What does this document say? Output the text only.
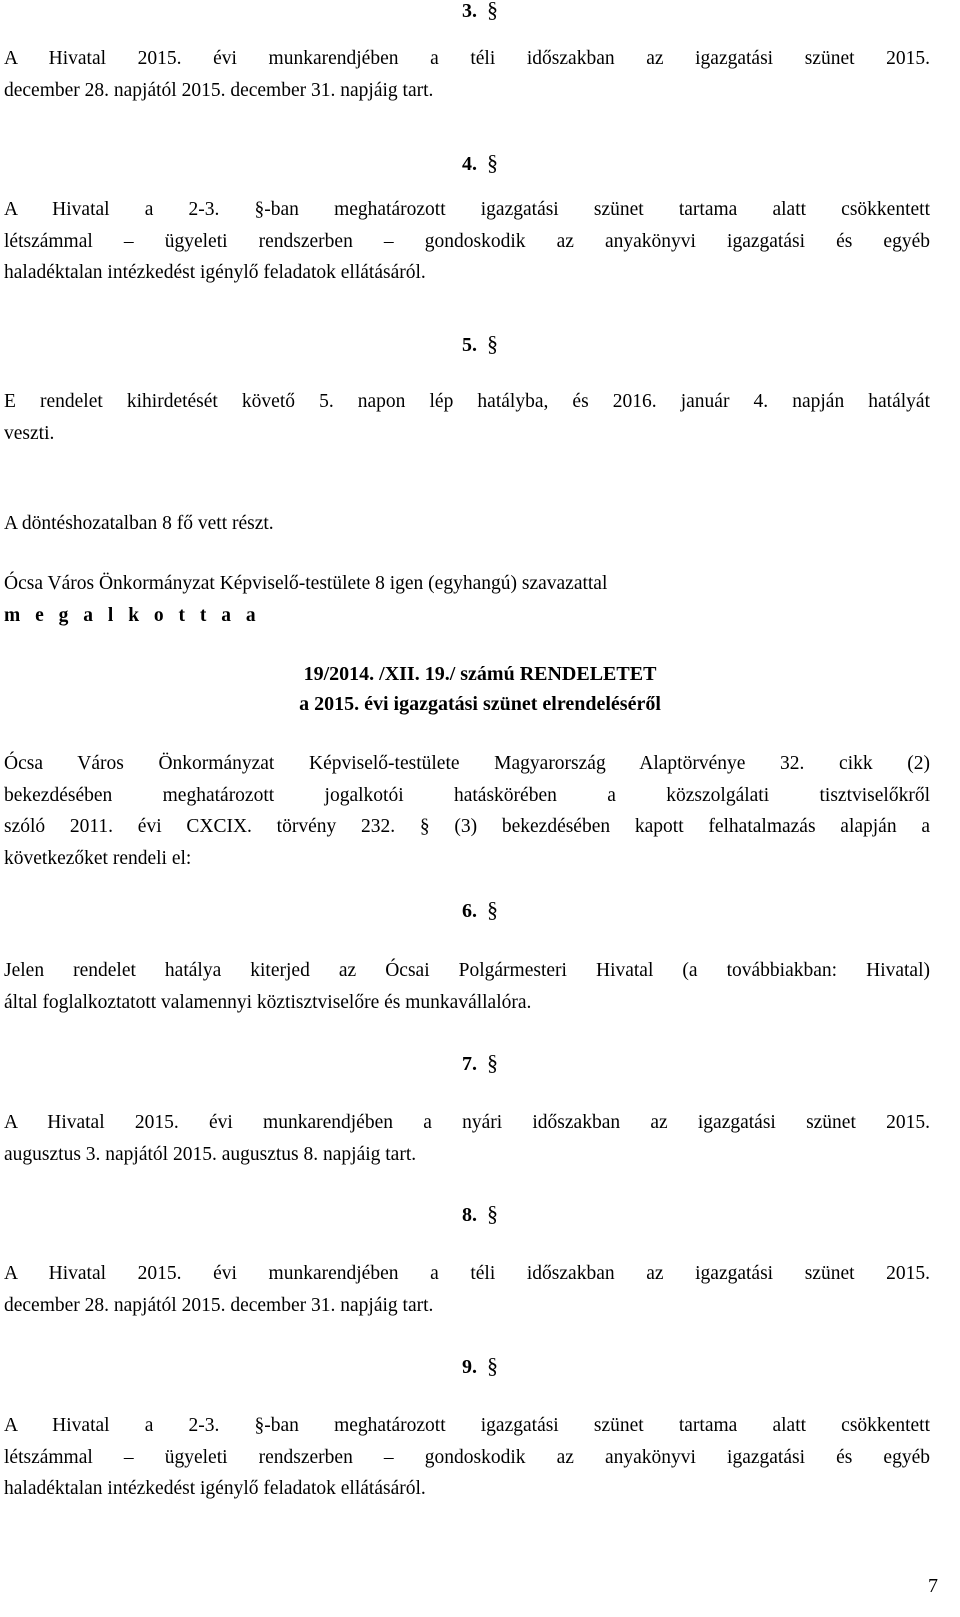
3. §

A Hivatal 2015. évi munkarendjében a téli időszakban az igazgatási szünet 2015.
december 28. napjától 2015. december 31. napjáig tart.

4. §

A Hivatal a 2-3. §-ban meghatározott igazgatási szünet tartama alatt csökkentett
létszámmal – ügyeleti rendszerben – gondoskodik az anyakönyvi igazgatási és egyéb
haladéktalan intézkedést igénylő feladatok ellátásáról.

5. §

E rendelet kihirdetését követő 5. napon lép hatályba, és 2016. január 4. napján hatályát
veszti.

A döntéshozatalban 8 fő vett részt.

Ócsa Város Önkormányzat Képviselő-testülete 8 igen (egyhangú) szavazattal
m e g a l k o t t a a

19/2014. /XII. 19./ számú RENDELETET
a 2015. évi igazgatási szünet elrendeléséről

Ócsa Város Önkormányzat Képviselő-testülete Magyarország Alaptörvénye 32. cikk (2)
bekezdésében meghatározott jogalkotói hatáskörében a közszolgálati tisztviselőkről
szóló 2011. évi CXCIX. törvény 232. § (3) bekezdésében kapott felhatalmazás alapján a
következőket rendeli el:

6. §

Jelen rendelet hatálya kiterjed az Ócsai Polgármesteri Hivatal (a továbbiakban: Hivatal)
által foglalkoztatott valamennyi köztisztviselőre és munkavállalóra.

7. §

A Hivatal 2015. évi munkarendjében a nyári időszakban az igazgatási szünet 2015.
augusztus 3. napjától 2015. augusztus 8. napjáig tart.

8. §

A Hivatal 2015. évi munkarendjében a téli időszakban az igazgatási szünet 2015.
december 28. napjától 2015. december 31. napjáig tart.

9. §

A Hivatal a 2-3. §-ban meghatározott igazgatási szünet tartama alatt csökkentett
létszámmal – ügyeleti rendszerben – gondoskodik az anyakönyvi igazgatási és egyéb
haladéktalan intézkedést igénylő feladatok ellátásáról.

7
